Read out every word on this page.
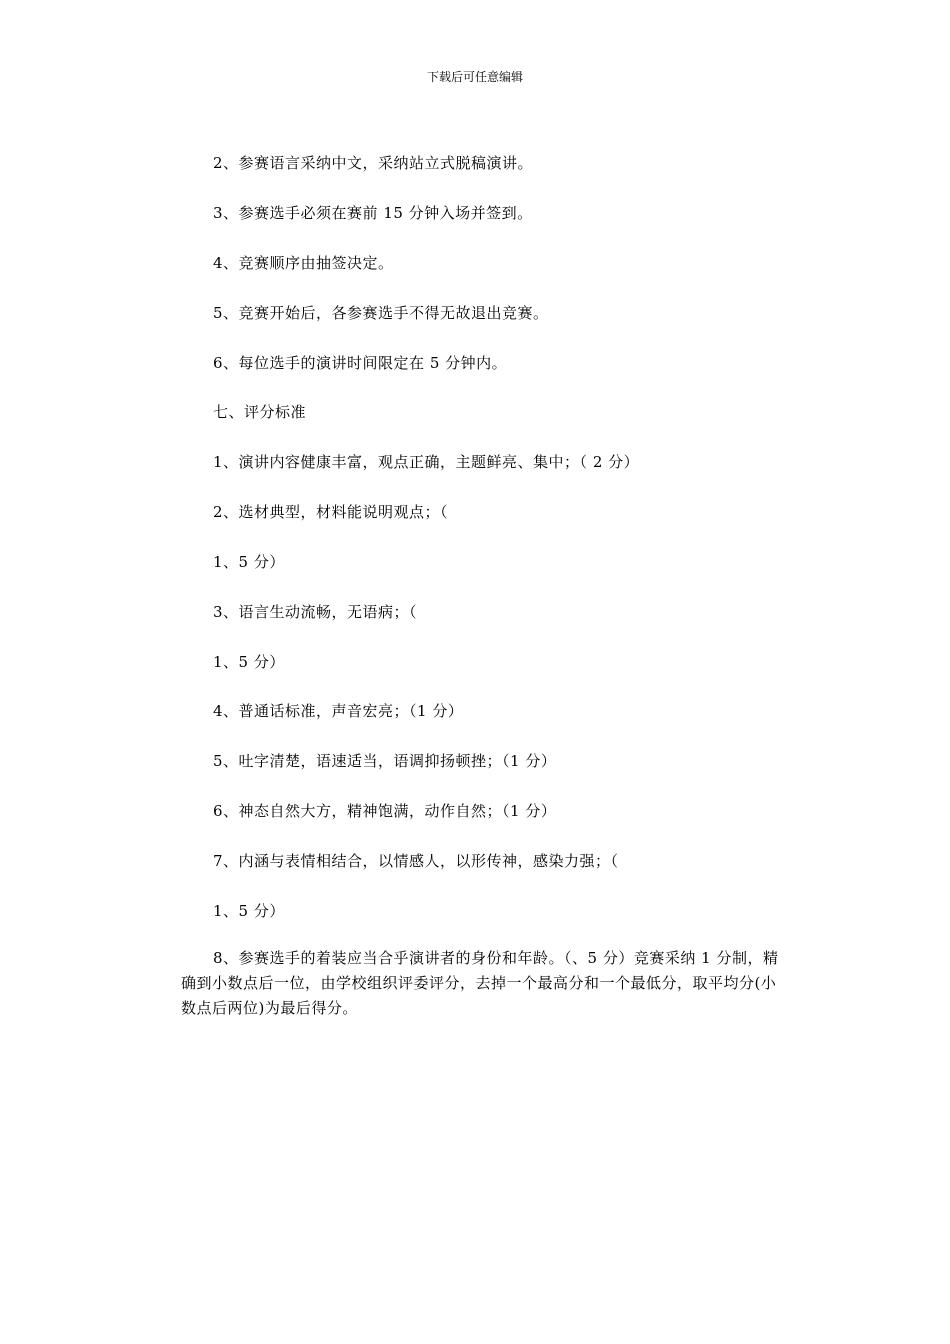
下载后可任意编辑
2、参赛语言采纳中文，采纳站立式脱稿演讲。
3、参赛选手必须在赛前 15 分钟入场并签到。
4、竞赛顺序由抽签决定。
5、竞赛开始后，各参赛选手不得无故退出竞赛。
6、每位选手的演讲时间限定在 5 分钟内。
七、评分标准
1、演讲内容健康丰富，观点正确，主题鲜亮、集中；（ 2 分）
2、选材典型，材料能说明观点；（
1、5 分）
3、语言生动流畅，无语病；（
1、5 分）
4、普通话标准，声音宏亮；（1 分）
5、吐字清楚，语速适当，语调抑扬顿挫；（1 分）
6、神态自然大方，精神饱满，动作自然；（1 分）
7、内涵与表情相结合，以情感人，以形传神，感染力强；（
1、5 分）
8、参赛选手的着装应当合乎演讲者的身份和年龄。（、5 分）竞赛采纳 1 分制，精确到小数点后一位，由学校组织评委评分，去掉一个最高分和一个最低分，取平均分(小数点后两位)为最后得分。
